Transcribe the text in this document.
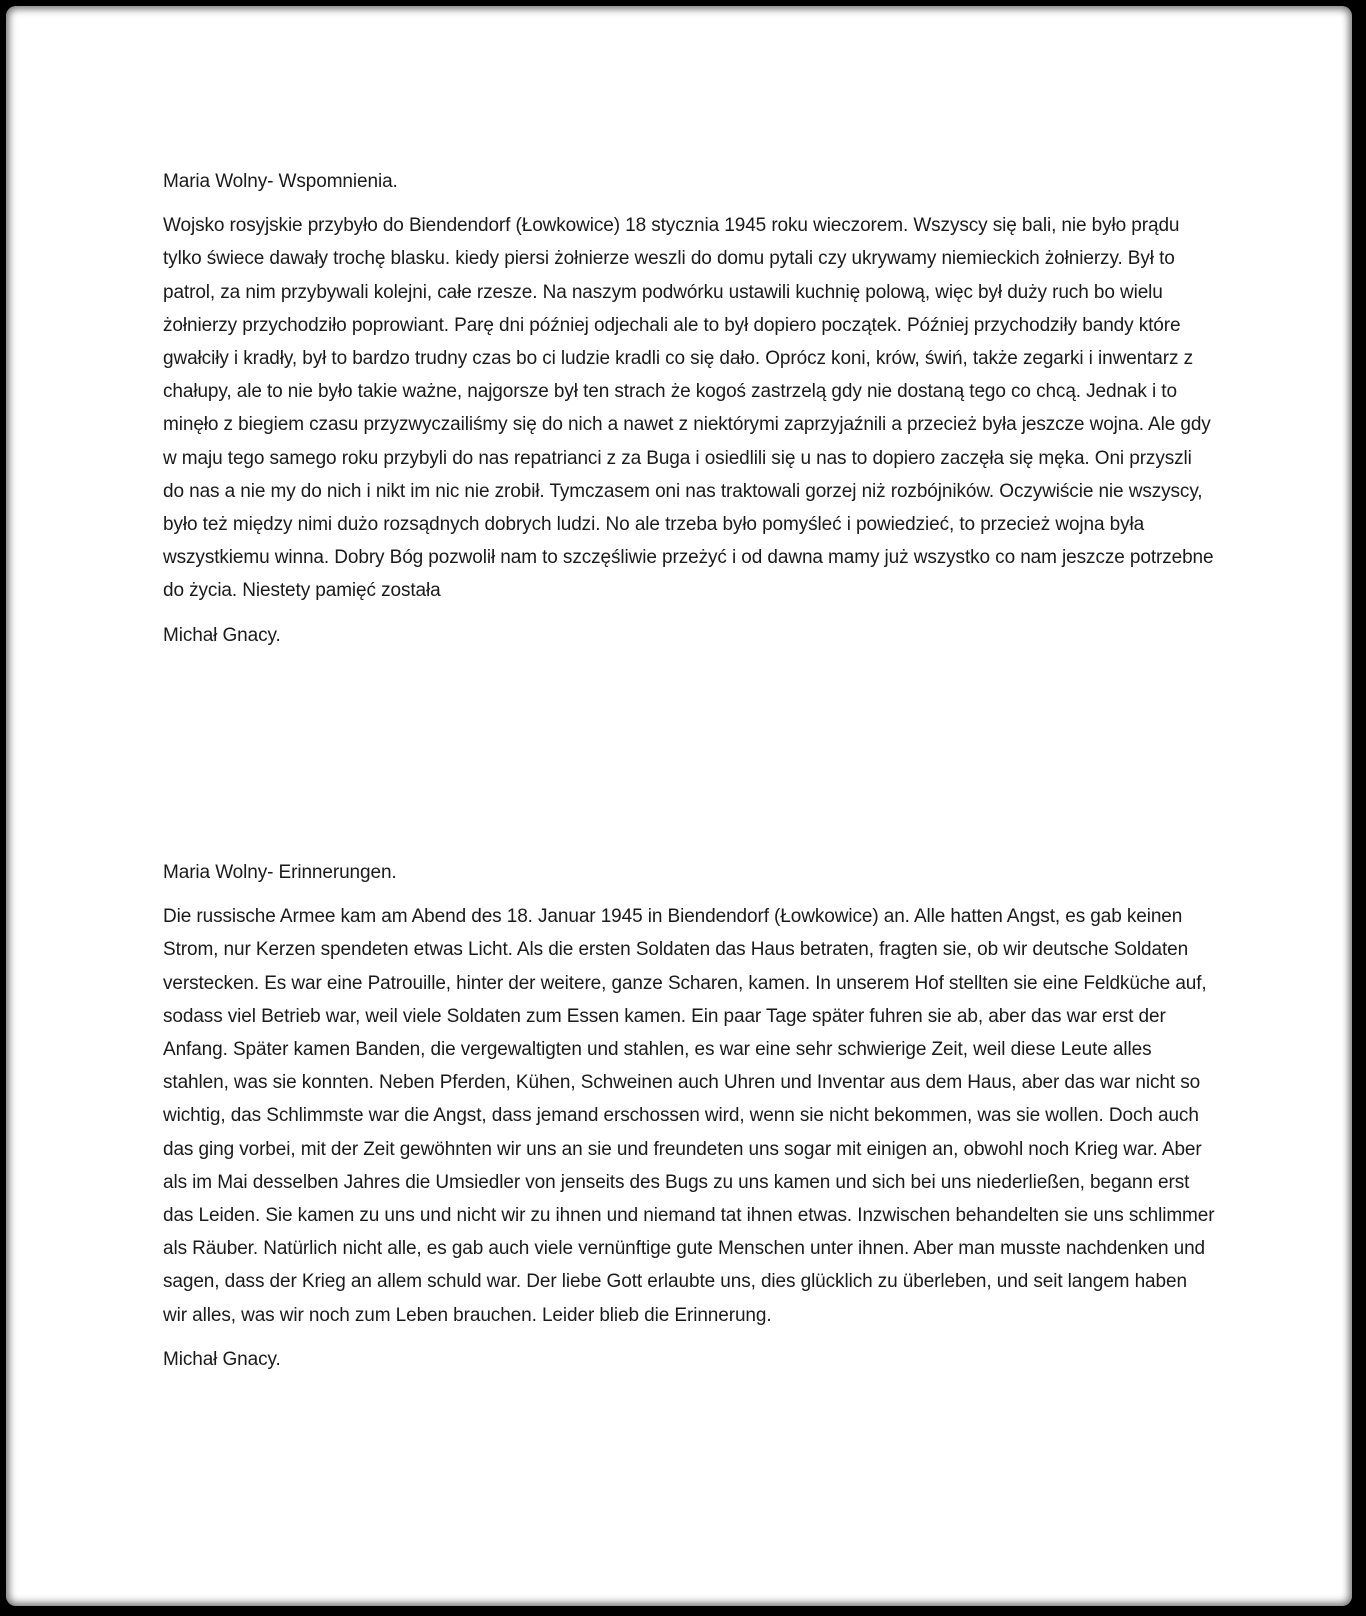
Maria Wolny- Wspomnienia.

Wojsko rosyjskie przybyło do Biendendorf (Łowkowice) 18 stycznia 1945 roku wieczorem. Wszyscy się bali, nie było prądu tylko świece dawały trochę blasku. kiedy piersi żołnierze weszli do domu pytali czy ukrywamy niemieckich żołnierzy. Był to patrol, za nim przybywali kolejni, całe rzesze. Na naszym podwórku ustawili kuchnię polową, więc był duży ruch bo wielu żołnierzy przychodziło poprowiant. Parę dni później odjechali ale to był dopiero początek. Później przychodziły bandy które gwałciły i kradły, był to bardzo trudny czas bo ci ludzie kradli co się dało. Oprócz koni, krów, świń, także zegarki i inwentarz z chałupy, ale to nie było takie ważne, najgorsze był ten strach że kogoś zastrzelą gdy nie dostaną tego co chcą. Jednak i to minęło z biegiem czasu przyzwyczailiśmy się do nich a nawet z niektórymi zaprzyjaźnili a przecież była jeszcze wojna. Ale gdy w maju tego samego roku przybyli do nas repatrianci z za Buga i osiedlili się u nas to dopiero zaczęła się męka. Oni przyszli do nas a nie my do nich i nikt im nic nie zrobił. Tymczasem oni nas traktowali gorzej niż rozbójników. Oczywiście nie wszyscy, było też między nimi dużo rozsądnych dobrych ludzi. No ale trzeba było pomyśleć i powiedzieć, to przecież wojna była wszystkiemu winna. Dobry Bóg pozwolił nam to szczęśliwie przeżyć i od dawna mamy już wszystko co nam jeszcze potrzebne do życia. Niestety pamięć została

Michał Gnacy.

Maria Wolny- Erinnerungen.

Die russische Armee kam am Abend des 18. Januar 1945 in Biendendorf (Łowkowice) an. Alle hatten Angst, es gab keinen Strom, nur Kerzen spendeten etwas Licht. Als die ersten Soldaten das Haus betraten, fragten sie, ob wir deutsche Soldaten verstecken. Es war eine Patrouille, hinter der weitere, ganze Scharen, kamen. In unserem Hof stellten sie eine Feldküche auf, sodass viel Betrieb war, weil viele Soldaten zum Essen kamen. Ein paar Tage später fuhren sie ab, aber das war erst der Anfang. Später kamen Banden, die vergewaltigten und stahlen, es war eine sehr schwierige Zeit, weil diese Leute alles stahlen, was sie konnten. Neben Pferden, Kühen, Schweinen auch Uhren und Inventar aus dem Haus, aber das war nicht so wichtig, das Schlimmste war die Angst, dass jemand erschossen wird, wenn sie nicht bekommen, was sie wollen. Doch auch das ging vorbei, mit der Zeit gewöhnten wir uns an sie und freundeten uns sogar mit einigen an, obwohl noch Krieg war. Aber als im Mai desselben Jahres die Umsiedler von jenseits des Bugs zu uns kamen und sich bei uns niederließen, begann erst das Leiden. Sie kamen zu uns und nicht wir zu ihnen und niemand tat ihnen etwas. Inzwischen behandelten sie uns schlimmer als Räuber. Natürlich nicht alle, es gab auch viele vernünftige gute Menschen unter ihnen. Aber man musste nachdenken und sagen, dass der Krieg an allem schuld war. Der liebe Gott erlaubte uns, dies glücklich zu überleben, und seit langem haben wir alles, was wir noch zum Leben brauchen. Leider blieb die Erinnerung.

Michał Gnacy.
